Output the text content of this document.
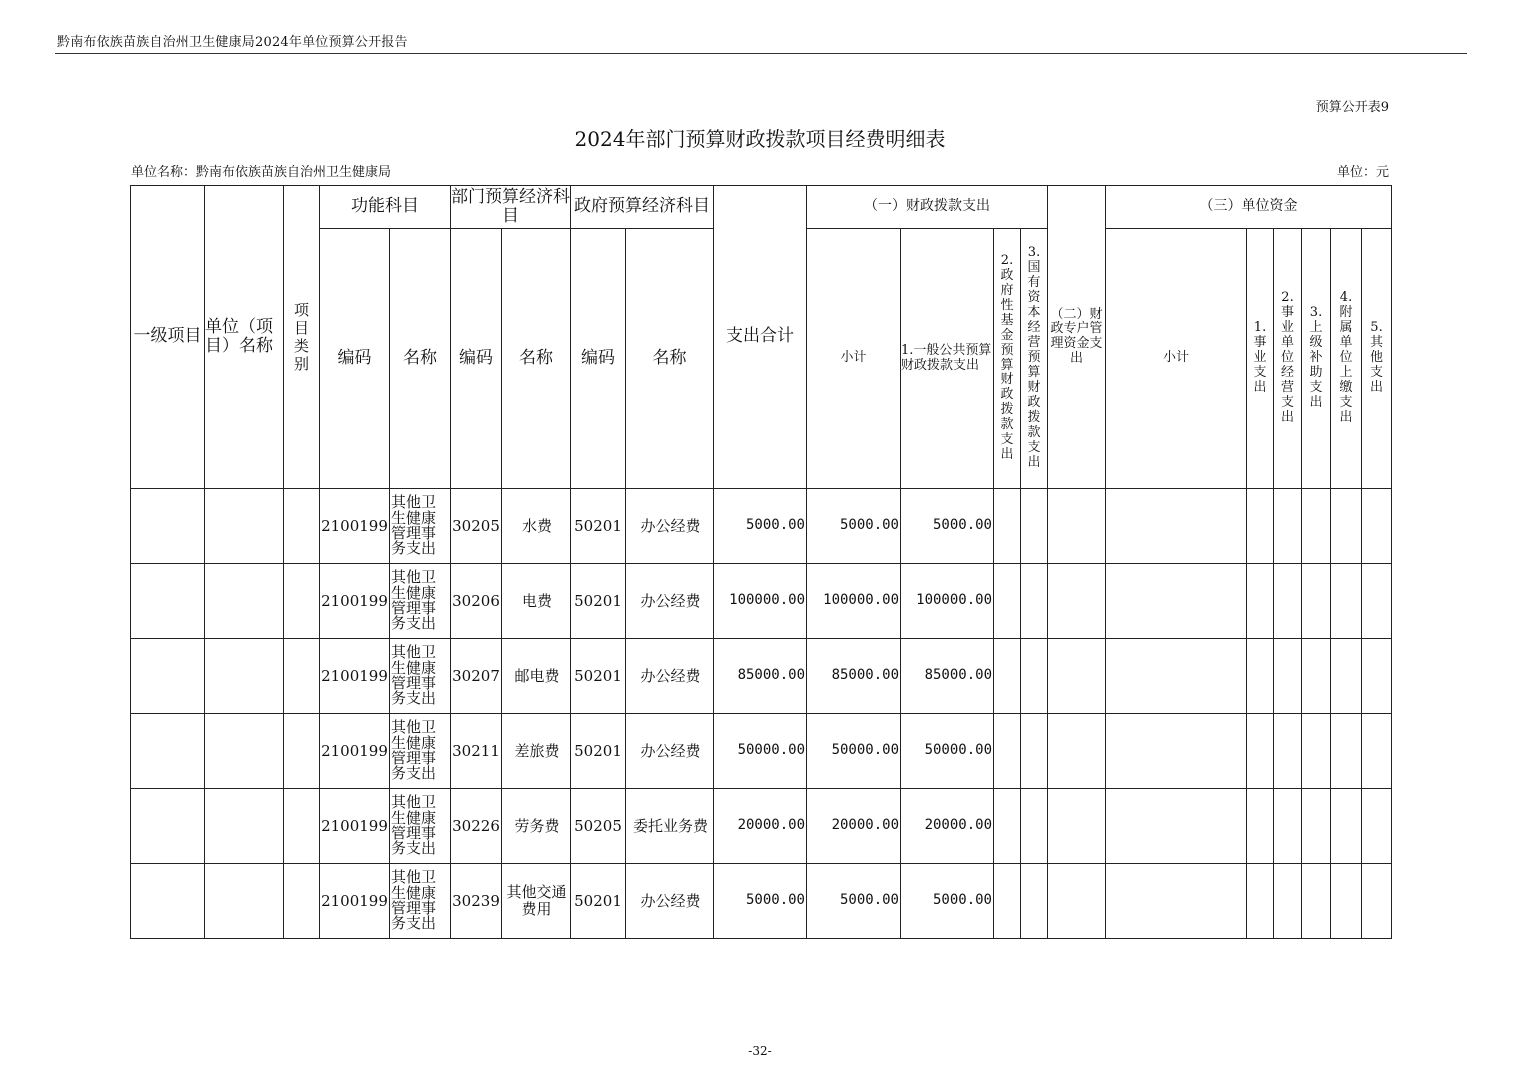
黔南布依族苗族自治州卫生健康局2024年单位预算公开报告
预算公开表9
2024年部门预算财政拨款项目经费明细表
单位名称：黔南布依族苗族自治州卫生健康局	单位：元
一级项目	单位（项目）名称	项目类别	功能科目		部门预算经济科目		政府预算经济科目		支出合计	（一）财政拨款支出				（二）财政专户管理资金支出	（三）单位资金					
			编码	名称	编码	名称	编码	名称		小计	1.一般公共预算财政拨款支出	2.政府性基金预算财政拨款支出	3.国有资本经营预算财政拨款支出		小计	1.事业支出	2.事业单位经营支出	3.上级补助支出	4.附属单位上缴支出	5.其他支出
			2100199	其他卫生健康管理事务支出	30205	水费	50201	办公经费	5000.00	5000.00	5000.00									
			2100199	其他卫生健康管理事务支出	30206	电费	50201	办公经费	100000.00	100000.00	100000.00									
			2100199	其他卫生健康管理事务支出	30207	邮电费	50201	办公经费	85000.00	85000.00	85000.00									
			2100199	其他卫生健康管理事务支出	30211	差旅费	50201	办公经费	50000.00	50000.00	50000.00									
			2100199	其他卫生健康管理事务支出	30226	劳务费	50205	委托业务费	20000.00	20000.00	20000.00									
			2100199	其他卫生健康管理事务支出	30239	其他交通费用	50201	办公经费	5000.00	5000.00	5000.00									
-32-
